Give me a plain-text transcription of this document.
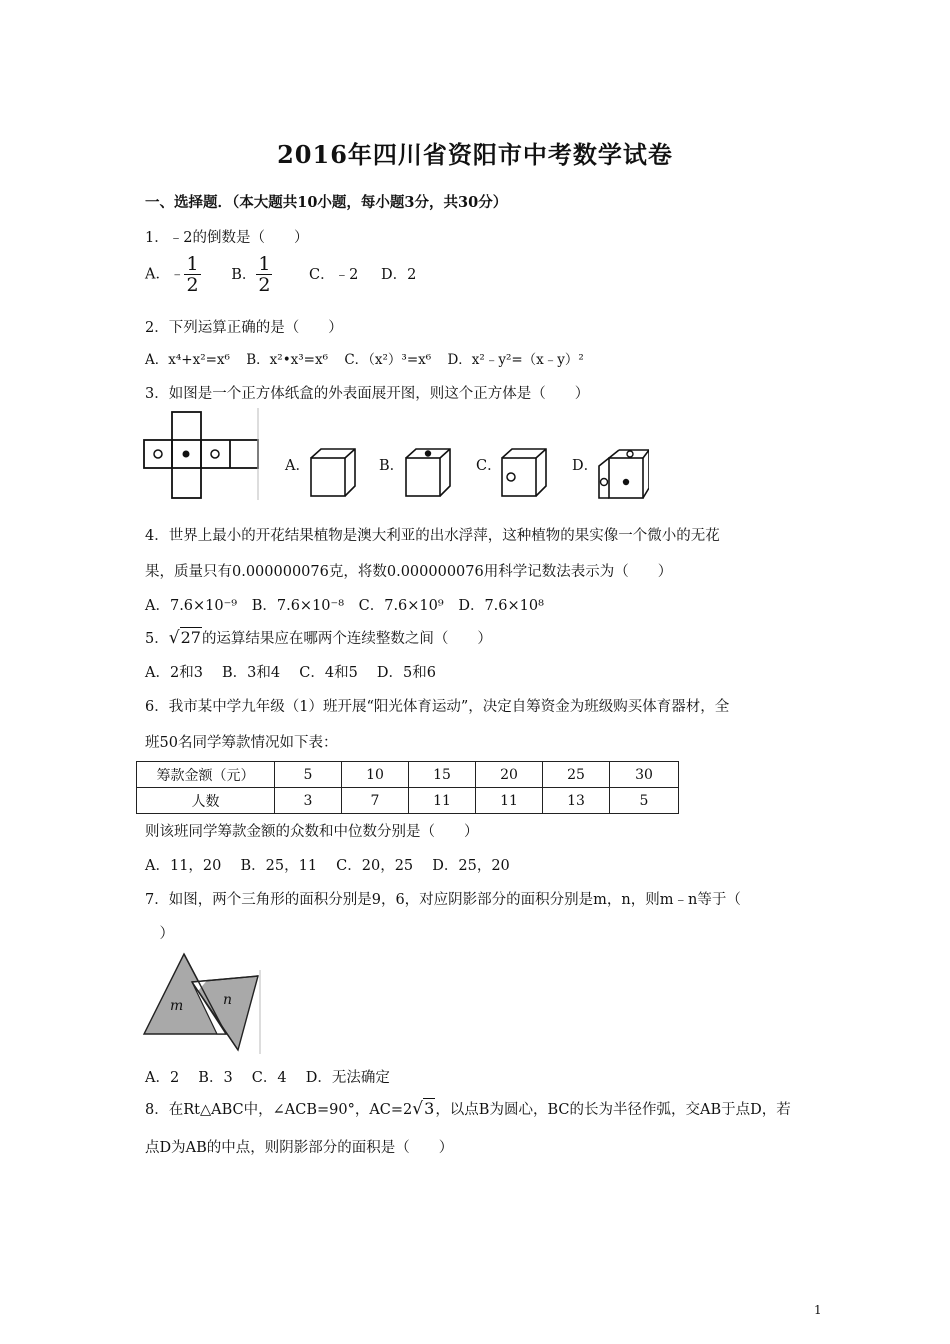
2016年四川省资阳市中考数学试卷
一、选择题．（本大题共10小题，每小题3分，共30分）
1．﹣2的倒数是（　　）
A．﹣ $\frac{1}{2}$ B． $\frac{1}{2}$	C．﹣2 D．2
2．下列运算正确的是（　　）
A．x⁴+x²=x⁶ B．x²•x³=x⁶ C．（x²）³=x⁶ D．x²﹣y²=（x﹣y）²
3．如图是一个正方体纸盒的外表面展开图，则这个正方体是（　　）
A．	B．	C．	D．
4．世界上最小的开花结果植物是澳大利亚的出水浮萍，这种植物的果实像一个微小的无花
果，质量只有0.000000076克，将数0.000000076用科学记数法表示为（　　）
A．7.6×10⁻⁹ B．7.6×10⁻⁸ C．7.6×10⁹ D．7.6×10⁸
5．√27的运算结果应在哪两个连续整数之间（　　）
A．2和3　 B．3和4　 C．4和5　 D．5和6
6．我市某中学九年级（1）班开展“阳光体育运动”，决定自筹资金为班级购买体育器材，全
班50名同学筹款情况如下表：
筹款金额（元）	5	10	15	20	25	30
人数	3	7	11	11	13	5
则该班同学筹款金额的众数和中位数分别是（　　）
A．11，20　 B．25，11　 C．20，25　 D．25，20
7．如图，两个三角形的面积分别是9，6，对应阴影部分的面积分别是m，n，则m﹣n等于（
　）
m	n
A．2　 B．3　 C．4　 D．无法确定
8．在Rt△ABC中，∠ACB=90°，AC=2√3，以点B为圆心，BC的长为半径作弧，交AB于点D，若
点D为AB的中点，则阴影部分的面积是（　　）
1
